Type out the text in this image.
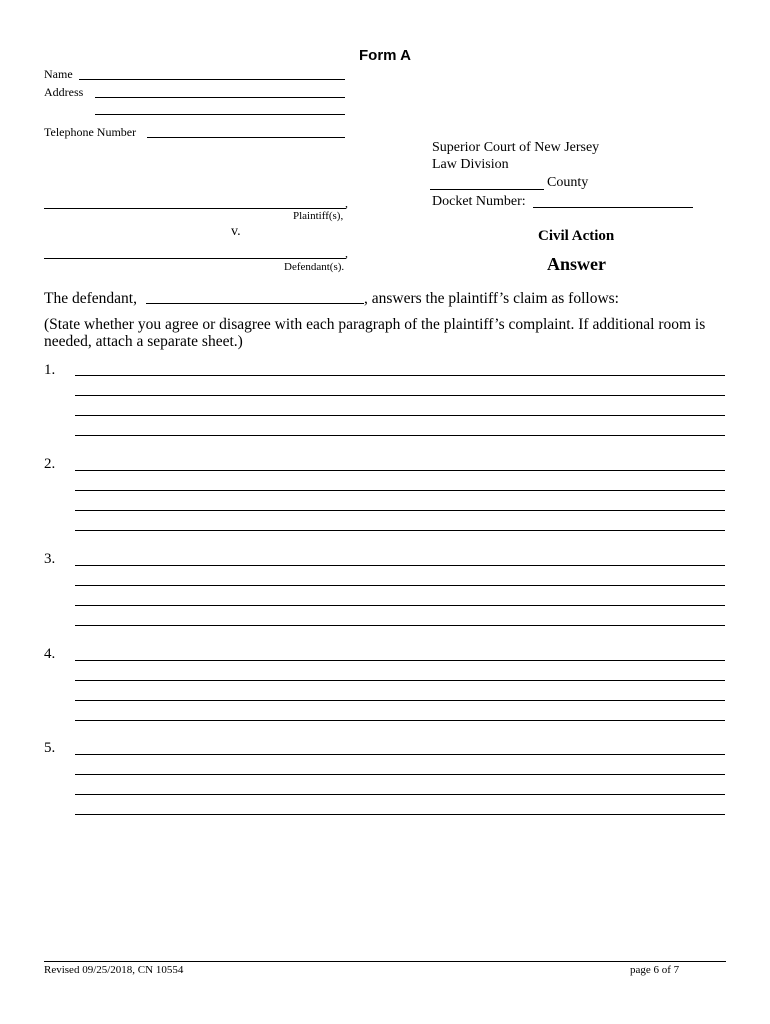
Form A
Name
Address
Telephone Number
Superior Court of New Jersey
Law Division
County
Docket Number:
,
Plaintiff(s),
v.
,
Defendant(s).
Civil Action
Answer
The defendant,	, answers the plaintiff’s claim as follows:
(State whether you agree or disagree with each paragraph of the plaintiff’s complaint. If additional room is needed, attach a separate sheet.)
1.
2.
3.
4.
5.
Revised 09/25/2018, CN 10554	page 6 of 7
